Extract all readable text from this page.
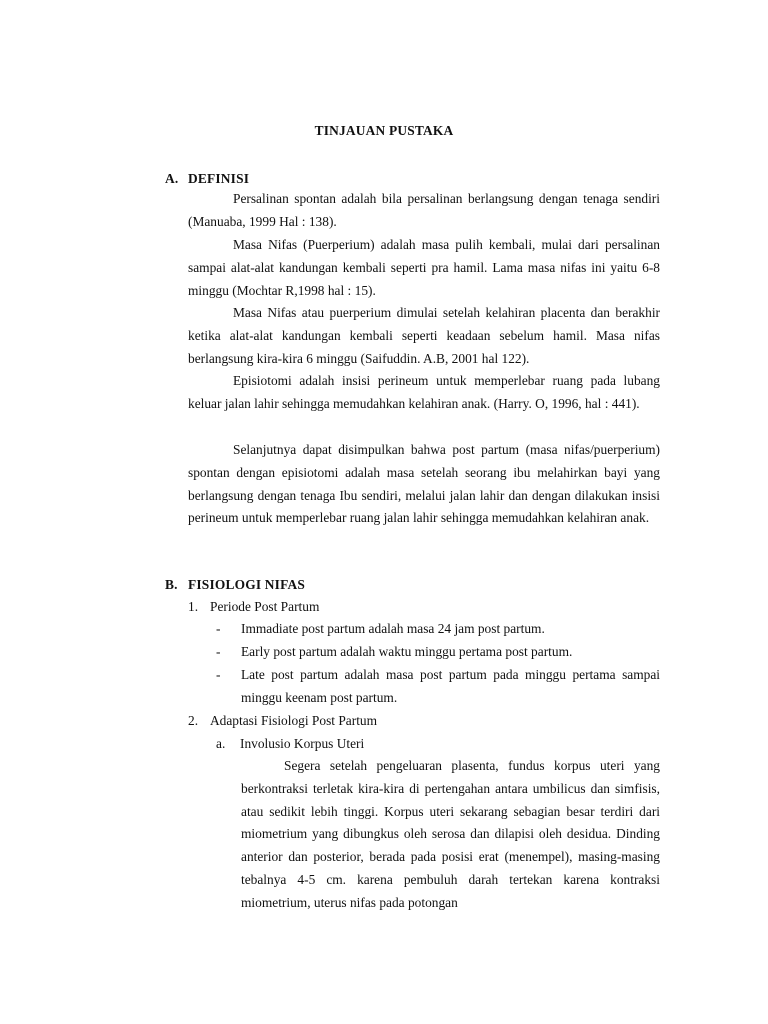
TINJAUAN PUSTAKA
A. DEFINISI
Persalinan spontan adalah bila persalinan berlangsung dengan tenaga sendiri (Manuaba, 1999 Hal : 138).
Masa Nifas (Puerperium) adalah masa pulih kembali, mulai dari persalinan sampai alat-alat kandungan kembali seperti pra hamil. Lama masa nifas ini yaitu 6-8 minggu (Mochtar R,1998 hal : 15).
Masa Nifas atau puerperium dimulai setelah kelahiran placenta dan berakhir ketika alat-alat kandungan kembali seperti keadaan sebelum hamil. Masa nifas berlangsung kira-kira 6 minggu (Saifuddin. A.B, 2001 hal 122).
Episiotomi adalah insisi perineum untuk memperlebar ruang pada lubang keluar jalan lahir sehingga memudahkan kelahiran anak. (Harry. O, 1996, hal : 441).
Selanjutnya dapat disimpulkan bahwa post partum (masa nifas/puerperium) spontan dengan episiotomi adalah masa setelah seorang ibu melahirkan bayi yang berlangsung dengan tenaga Ibu sendiri, melalui jalan lahir dan dengan dilakukan insisi perineum untuk memperlebar ruang jalan lahir sehingga memudahkan kelahiran anak.
B. FISIOLOGI NIFAS
1. Periode Post Partum
- Immadiate post partum adalah masa 24 jam post partum.
- Early post partum adalah waktu minggu pertama post partum.
- Late post partum adalah masa post partum pada minggu pertama sampai minggu keenam post partum.
2. Adaptasi Fisiologi Post Partum
a. Involusio Korpus Uteri
Segera setelah pengeluaran plasenta, fundus korpus uteri yang berkontraksi terletak kira-kira di pertengahan antara umbilicus dan simfisis, atau sedikit lebih tinggi. Korpus uteri sekarang sebagian besar terdiri dari miometrium yang dibungkus oleh serosa dan dilapisi oleh desidua. Dinding anterior dan posterior, berada pada posisi erat (menempel), masing-masing tebalnya 4-5 cm. karena pembuluh darah tertekan karena kontraksi miometrium, uterus nifas pada potongan
